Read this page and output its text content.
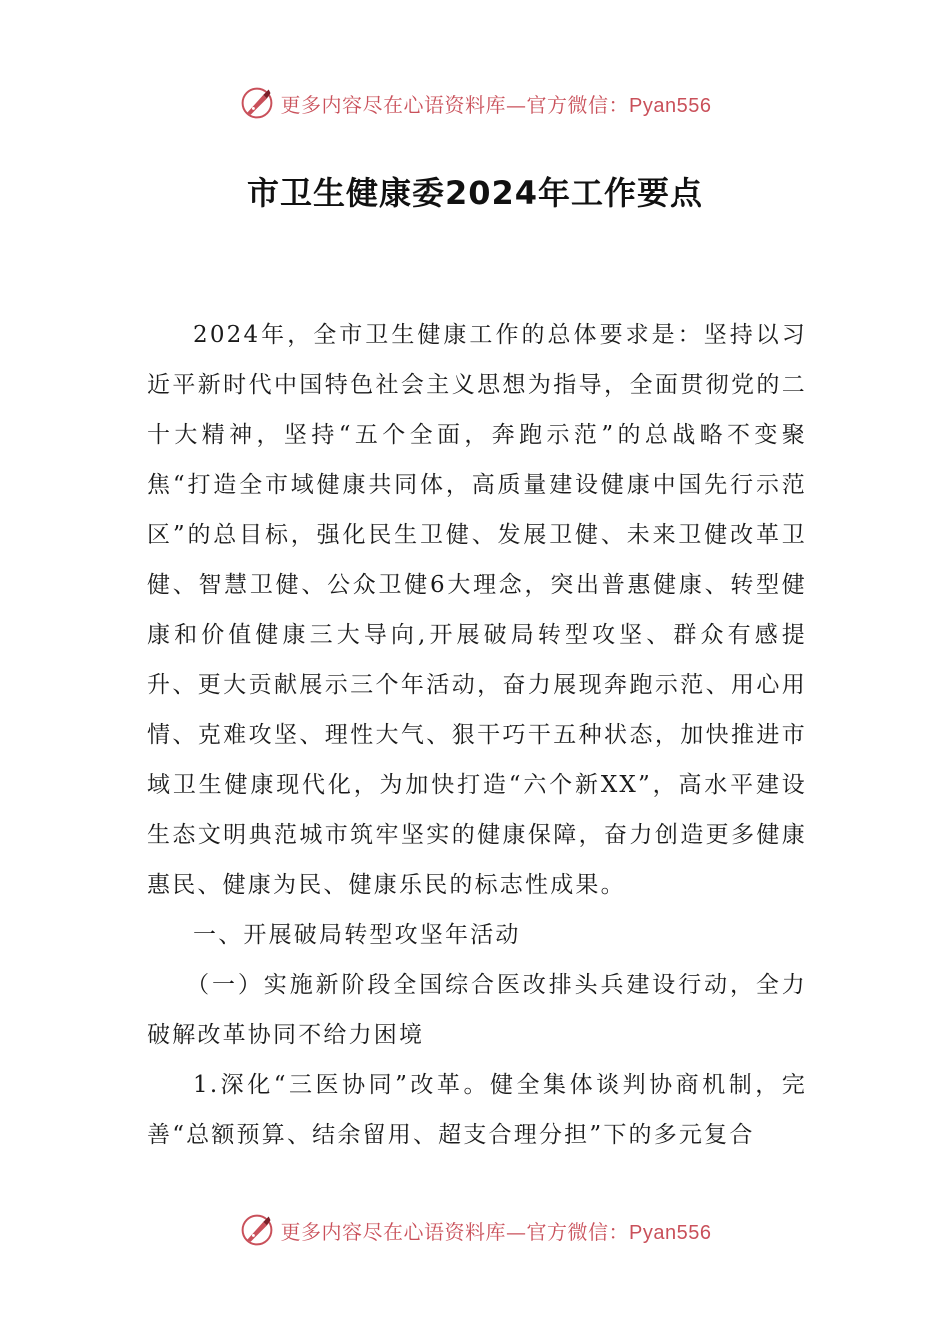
更多内容尽在心语资料库—官方微信：Pyan556
市卫生健康委2024年工作要点

2024年，全市卫生健康工作的总体要求是：坚持以习近平新时代中国特色社会主义思想为指导，全面贯彻党的二十大精神，坚持“五个全面，奔跑示范”的总战略不变聚焦“打造全市域健康共同体，高质量建设健康中国先行示范区”的总目标，强化民生卫健、发展卫健、未来卫健改革卫健、智慧卫健、公众卫健6大理念，突出普惠健康、转型健康和价值健康三大导向,开展破局转型攻坚、群众有感提升、更大贡献展示三个年活动，奋力展现奔跑示范、用心用情、克难攻坚、理性大气、狠干巧干五种状态，加快推进市域卫生健康现代化，为加快打造“六个新XX”，高水平建设生态文明典范城市筑牢坚实的健康保障，奋力创造更多健康惠民、健康为民、健康乐民的标志性成果。

一、开展破局转型攻坚年活动

（一）实施新阶段全国综合医改排头兵建设行动，全力破解改革协同不给力困境

1.深化“三医协同”改革。健全集体谈判协商机制，完善“总额预算、结余留用、超支合理分担”下的多元复合

更多内容尽在心语资料库—官方微信：Pyan556
